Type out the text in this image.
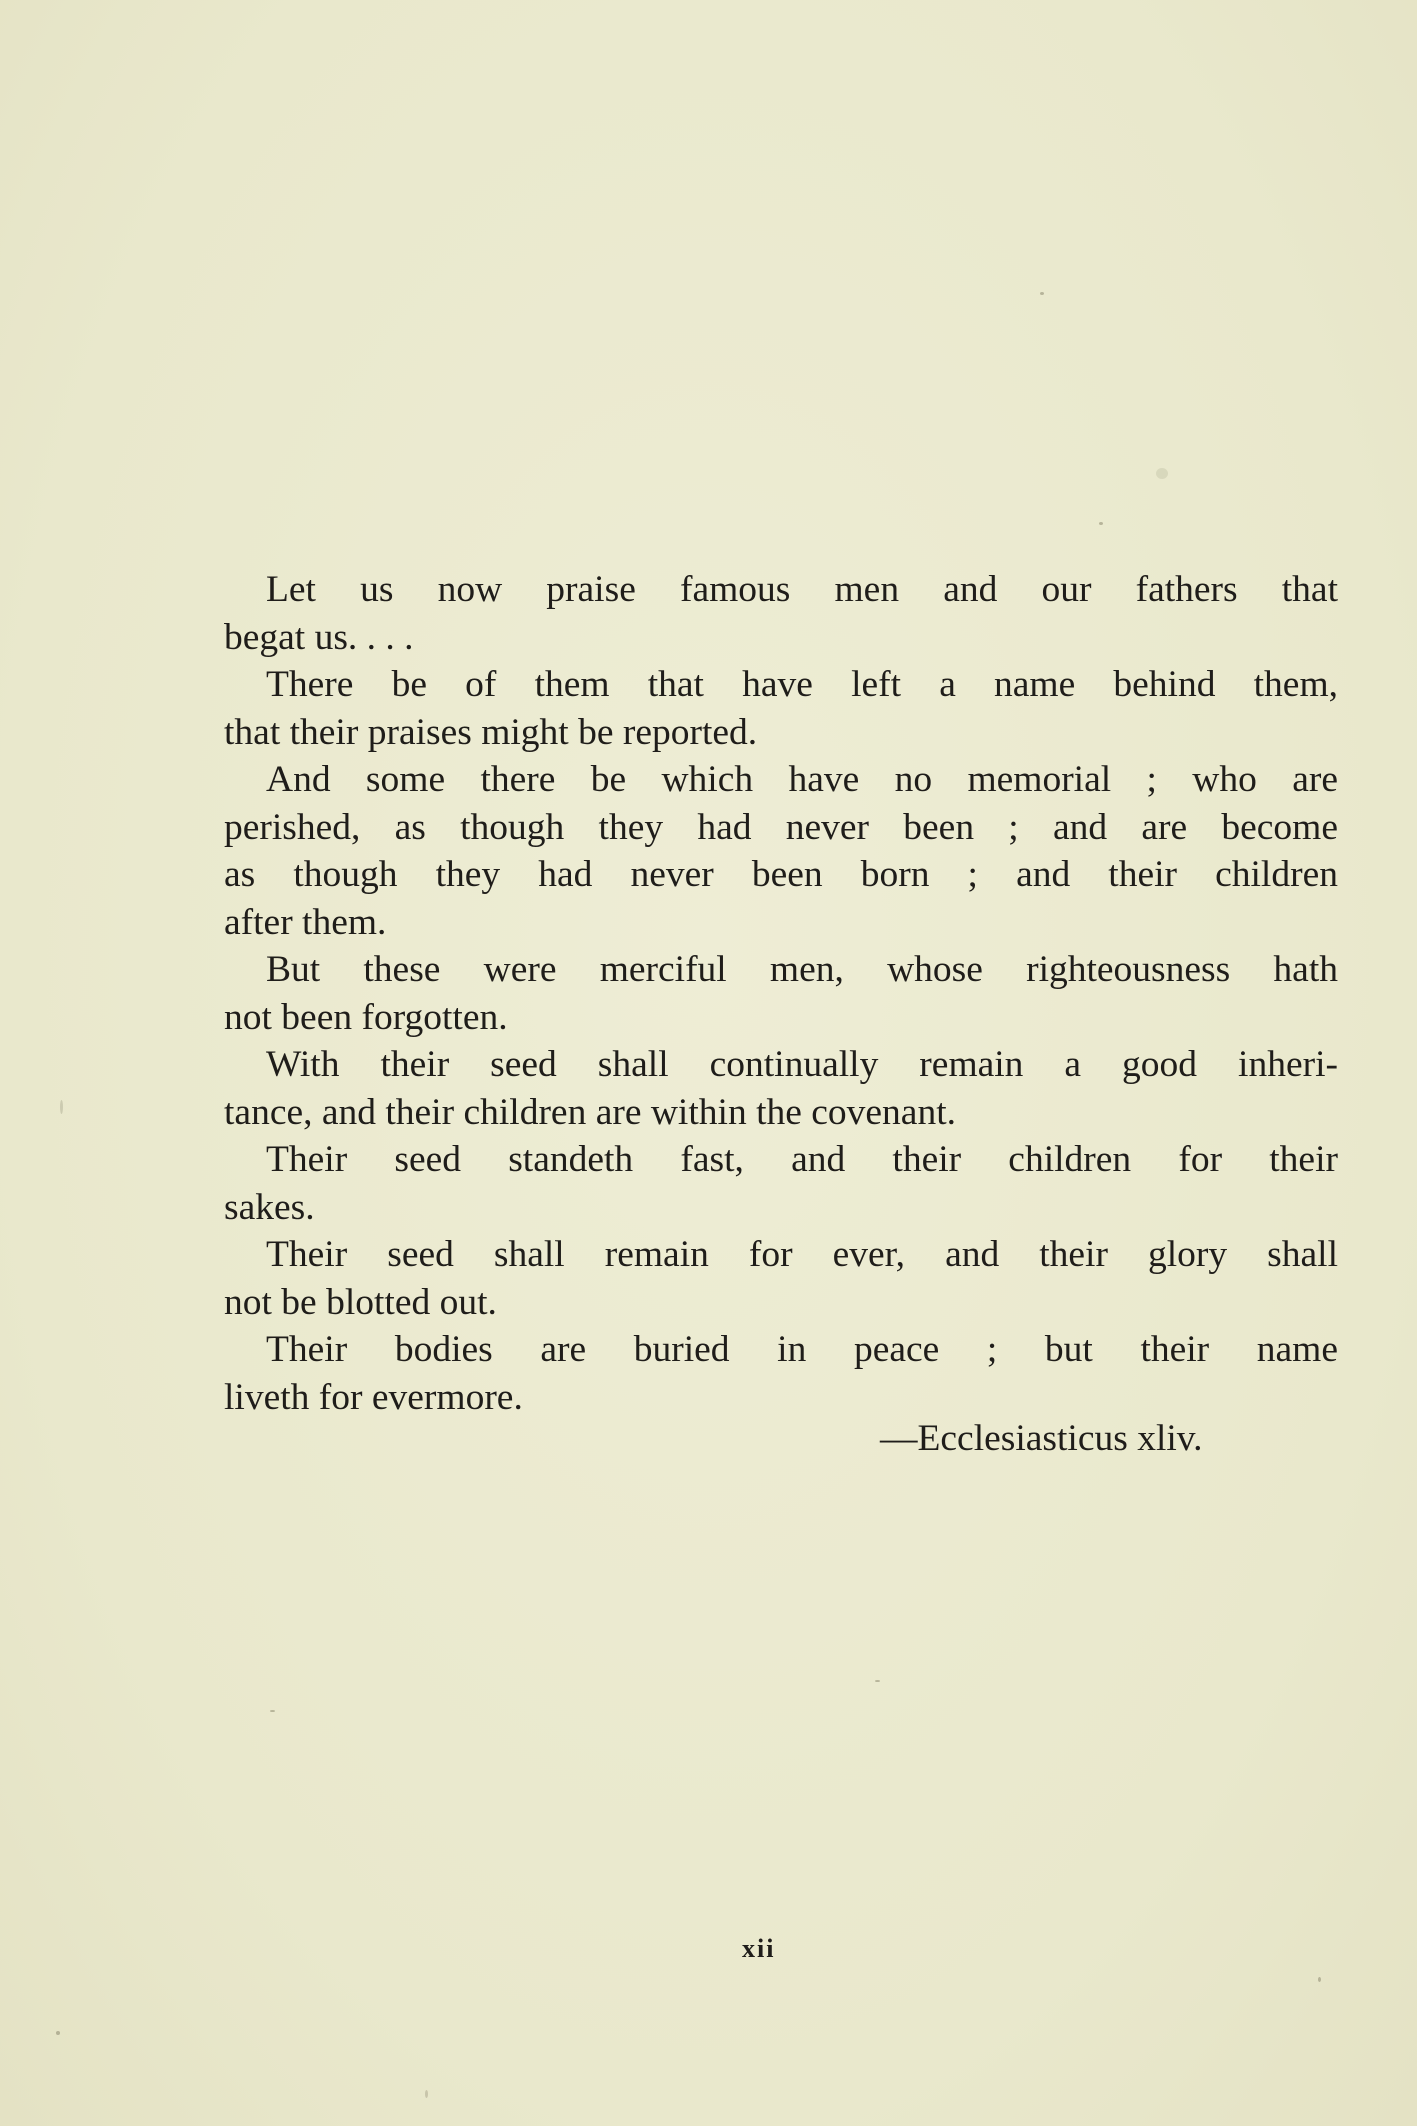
Let us now praise famous men and our fathers that
begat us. . . .
There be of them that have left a name behind them,
that their praises might be reported.
And some there be which have no memorial ; who are
perished, as though they had never been ; and are become
as though they had never been born ; and their children
after them.
But these were merciful men, whose righteousness hath
not been forgotten.
With their seed shall continually remain a good inheri-
tance, and their children are within the covenant.
Their seed standeth fast, and their children for their
sakes.
Their seed shall remain for ever, and their glory shall
not be blotted out.
Their bodies are buried in peace ; but their name
liveth for evermore.
—Ecclesiasticus xliv.
xii
